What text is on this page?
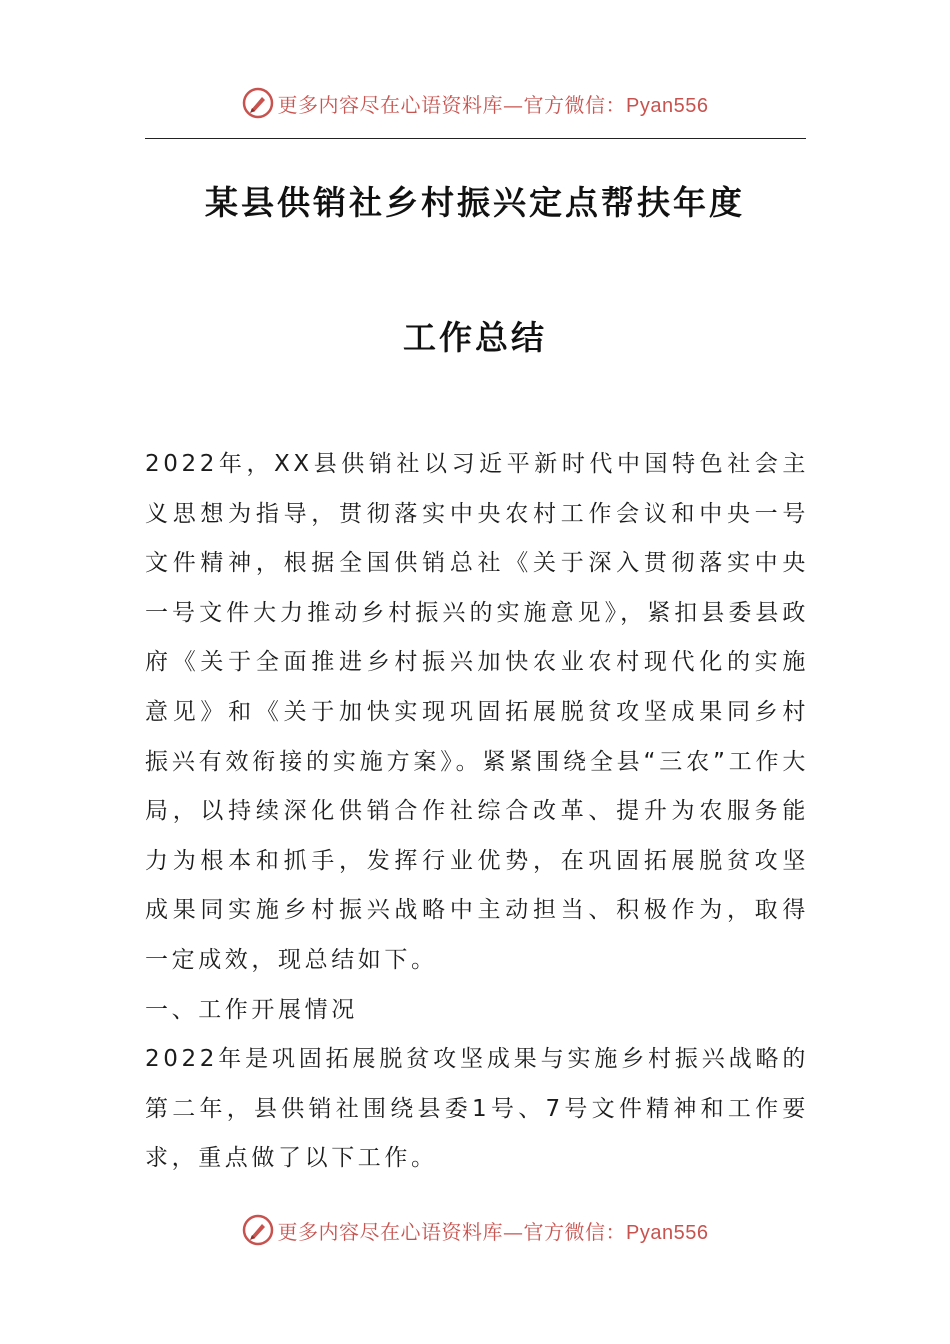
更多内容尽在心语资料库—官方微信：Pyan556
某县供销社乡村振兴定点帮扶年度
工作总结

2022年，XX县供销社以习近平新时代中国特色社会主义思想为指导，贯彻落实中央农村工作会议和中央一号文件精神，根据全国供销总社《关于深入贯彻落实中央一号文件大力推动乡村振兴的实施意见》，紧扣县委县政府《关于全面推进乡村振兴加快农业农村现代化的实施意见》和《关于加快实现巩固拓展脱贫攻坚成果同乡村振兴有效衔接的实施方案》。紧紧围绕全县“三农”工作大局，以持续深化供销合作社综合改革、提升为农服务能力为根本和抓手，发挥行业优势，在巩固拓展脱贫攻坚成果同实施乡村振兴战略中主动担当、积极作为，取得一定成效，现总结如下。

一、工作开展情况

2022年是巩固拓展脱贫攻坚成果与实施乡村振兴战略的第二年，县供销社围绕县委1号、7号文件精神和工作要求，重点做了以下工作。

更多内容尽在心语资料库—官方微信：Pyan556
